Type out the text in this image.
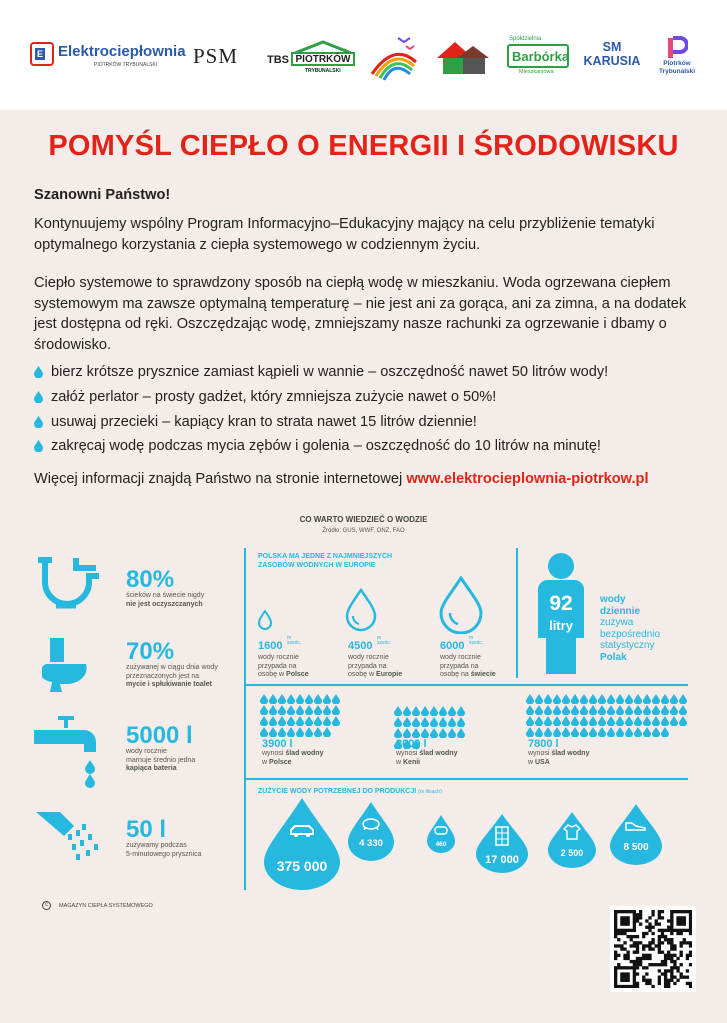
E Elektrociepłownia
PIOTRKÓW TRYBUNALSKI PSM	TBS PIOTRKÓW
TRYBUNALSKI
Spółdzielnia
Barbórka
Mieszkaniowa
SM KARUSIA	Piotrków Trybunalski
POMYŚL CIEPŁO O ENERGII I ŚRODOWISKU
Szanowni Państwo!
Kontynuujemy wspólny Program Informacyjno–Edukacyjny mający na celu przybliżenie tematyki optymalnego korzystania z ciepła systemowego w codziennym życiu.
Ciepło systemowe to sprawdzony sposób na ciepłą wodę w mieszkaniu. Woda ogrzewana ciepłem systemowym ma zawsze optymalną temperaturę – nie jest ani za gorąca, ani za zimna, a na dodatek jest dostępna od ręki. Oszczędzając wodę, zmniejszamy nasze rachunki za ogrzewanie i dbamy o środowisko.
bierz krótsze prysznice zamiast kąpieli w wannie – oszczędność nawet 50 litrów wody!
załóż perlator – prosty gadżet, który zmniejsza zużycie nawet o 50%!
usuwaj przecieki – kapiący kran to strata nawet 15 litrów dziennie!
zakręcaj wodę podczas mycia zębów i golenia – oszczędność do 10 litrów na minutę!
Więcej informacji znajdą Państwo na stronie internetowej www.elektrocieplownia-piotrkow.pl
CO WARTO WIEDZIEĆ O WODZIE
Źródło: GUS, WWF, ONZ, FAO
80%
ścieków na świecie nigdy
nie jest oczyszczanych
70%
zużywanej w ciągu dnia wody
przeznaczonych jest na
mycie i spłukiwanie toalet
5000 l
wody rocznie
marnuje średnio jedna
kapiąca bateria
50 l
zużywamy podczas
5-minutowego prysznica
POLSKA MA JEDNE Z NAJMNIEJSZYCH
ZASOBÓW WODNYCH W EUROPIE
1600 m
sześc.
wody rocznie
przypada na
osobę w Polsce
4500 m
sześc.
wody rocznie
przypada na
osobę w Europie
6000 m
sześc.
wody rocznie
przypada na
osobę na świecie
92
litry
wody
dziennie
zużywa
bezpośrednio
statystyczny
Polak
3900 l
wynosi ślad wodny
w Polsce
3000 l
wynosi ślad wodny
w Kenii
7800 l
wynosi ślad wodny
w USA
ZUŻYCIE WODY POTRZEBNEJ DO PRODUKCJI (w litrach)
375 000
4 330	460
17 000
2 500	8 500
c	MAGAZYN CIEPŁA SYSTEMOWEGO
